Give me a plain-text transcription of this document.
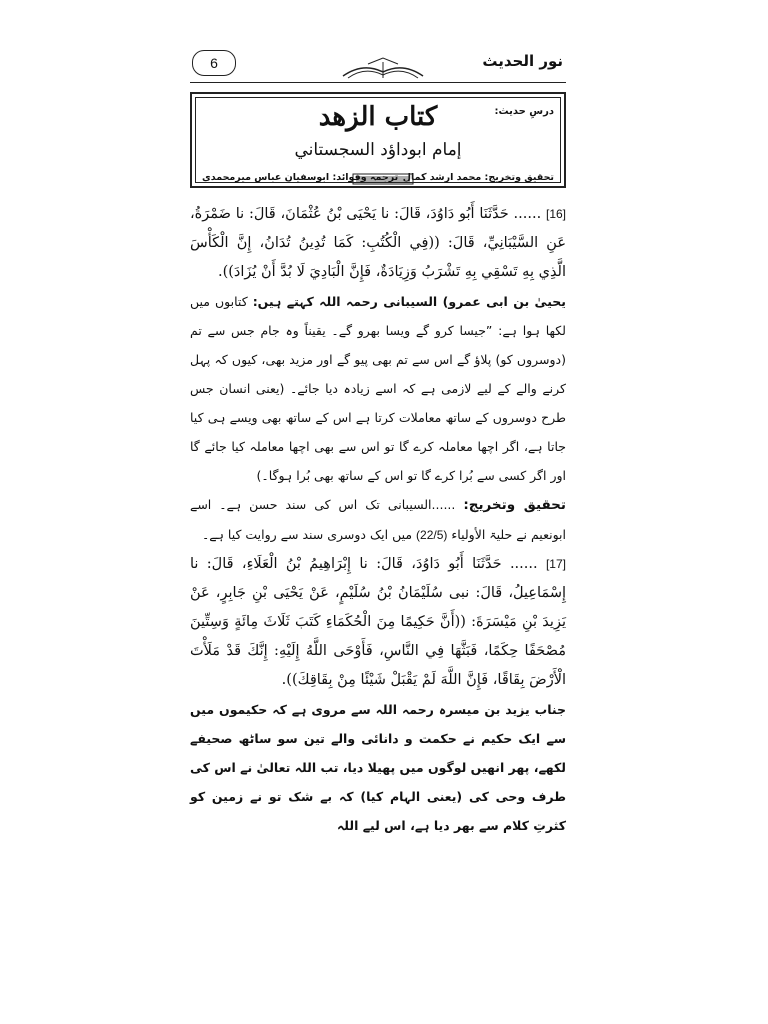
6	نور الحدیث
درسِ حدیث:
كتاب الزهد
إمام ابوداؤد السجستاني
تحقیق وتخریج: محمد ارشد کمال
ترجمہ وفوائد: ابوسفیان عباس میرمحمدی

[16] ...... حَدَّثَنَا أَبُو دَاوُدَ، قَالَ: نا يَحْيَى بْنُ عُثْمَانَ، قَالَ: نا ضَمْرَةُ، عَنِ السَّيْبَانِيِّ، قَالَ: ((فِي الْكُتُبِ: كَمَا تُدِينُ تُدَانُ، إِنَّ الْكَأْسَ الَّذِي بِهِ تَسْقِي بِهِ تَشْرَبُ وَزِيَادَةٌ، فَإِنَّ الْبَادِيَ لَا بُدَّ أَنْ يُزَادَ)).

یحییٰ بن ابی عمرو) السیبانی رحمہ اللہ کہتے ہیں: کتابوں میں لکھا ہوا ہے: ”جیسا کرو گے ویسا بھرو گے۔ یقیناً وہ جام جس سے تم (دوسروں کو) پلاؤ گے اس سے تم بھی پیو گے اور مزید بھی، کیوں کہ پہل کرنے والے کے لیے لازمی ہے کہ اسے زیادہ دیا جائے۔ (یعنی انسان جس طرح دوسروں کے ساتھ معاملات کرتا ہے اس کے ساتھ بھی ویسے ہی کیا جاتا ہے، اگر اچھا معاملہ کرے گا تو اس سے بھی اچھا معاملہ کیا جائے گا اور اگر کسی سے بُرا کرے گا تو اس کے ساتھ بھی بُرا ہوگا۔)

تحقیق وتخریج: ......السیبانی تک اس کی سند حسن ہے۔ اسے ابونعیم نے حلیۃ الأولیاء (22/5) میں ایک دوسری سند سے روایت کیا ہے۔

[17] ...... حَدَّثَنَا أَبُو دَاوُدَ، قَالَ: نا إِبْرَاهِيمُ بْنُ الْعَلَاءِ، قَالَ: نا إِسْمَاعِيلُ، قَالَ: نبى سُلَيْمَانُ بْنُ سُلَيْمٍ، عَنْ يَحْيَى بْنِ جَابِرٍ، عَنْ يَزِيدَ بْنِ مَيْسَرَةَ: ((أَنَّ حَكِيمًا مِنَ الْحُكَمَاءِ كَتَبَ ثَلَاثَ مِائَةٍ وَسِتِّينَ مُصْحَفًا حِكَمًا، فَبَثَّهَا فِي النَّاسِ، فَأَوْحَى اللَّهُ إِلَيْهِ: إِنَّكَ قَدْ مَلَأْتَ الْأَرْضَ بِقَاقًا، فَإِنَّ اللَّهَ لَمْ يَقْبَلْ شَيْئًا مِنْ بِقَاقِكَ)).

جناب یزید بن میسرہ رحمہ اللہ سے مروی ہے کہ حکیموں میں سے ایک حکیم نے حکمت و دانائی والے تین سو ساٹھ صحیفے لکھے، پھر انھیں لوگوں میں پھیلا دیا، تب اللہ تعالیٰ نے اس کی طرف وحی کی (یعنی الہام کیا) کہ بے شک تو نے زمین کو کثرتِ کلام سے بھر دیا ہے، اس لیے اللہ
